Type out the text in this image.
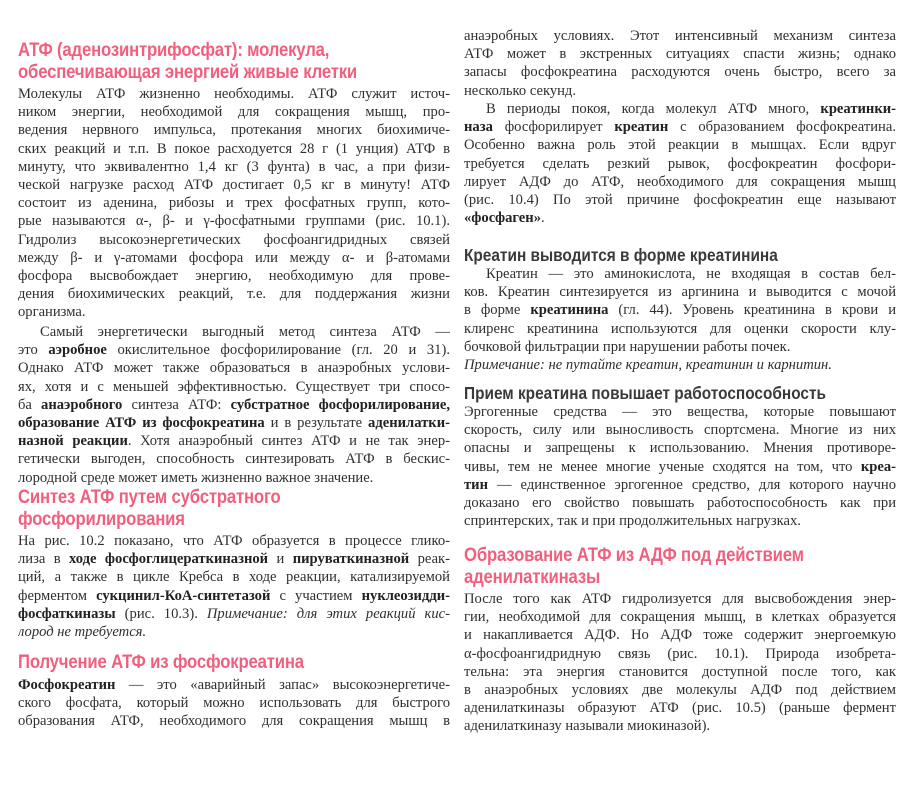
АТФ (аденозинтрифосфат): молекула,
обеспечивающая энергией живые клетки
Молекулы АТФ жизненно необходимы. АТФ служит источ-
ником энергии, необходимой для сокращения мышц, про-
ведения нервного импульса, протекания многих биохимиче-
ских реакций и т.п. В покое расходуется 28 г (1 унция) АТФ в
минуту, что эквивалентно 1,4 кг (3 фунта) в час, а при физи-
ческой нагрузке расход АТФ достигает 0,5 кг в минуту! АТФ
состоит из аденина, рибозы и трех фосфатных групп, кото-
рые называются α-, β- и γ-фосфатными группами (рис. 10.1).
Гидролиз высокоэнергетических фосфоангидридных связей
между β- и γ-атомами фосфора или между α- и β-атомами
фосфора высвобождает энергию, необходимую для прове-
дения биохимических реакций, т.е. для поддержания жизни
организма.
Самый энергетически выгодный метод синтеза АТФ —
это аэробное окислительное фосфорилирование (гл. 20 и 31).
Однако АТФ может также образоваться в анаэробных услови-
ях, хотя и с меньшей эффективностью. Существует три спосо-
ба анаэробного синтеза АТФ: субстратное фосфорилирование,
образование АТФ из фосфокреатина и в результате аденилатки-
назной реакции. Хотя анаэробный синтез АТФ и не так энер-
гетически выгоден, способность синтезировать АТФ в бескис-
лородной среде может иметь жизненно важное значение.
Синтез АТФ путем субстратного
фосфорилирования
На рис. 10.2 показано, что АТФ образуется в процессе глико-
лиза в ходе фосфоглицераткиназной и пируваткиназной реак-
ций, а также в цикле Кребса в ходе реакции, катализируемой
ферментом сукцинил-КоА-синтетазой с участием нуклеозидди-
фосфаткиназы (рис. 10.3). Примечание: для этих реакций кис-
лород не требуется.
Получение АТФ из фосфокреатина
Фосфокреатин — это «аварийный запас» высокоэнергетиче-
ского фосфата, который можно использовать для быстрого
образования АТФ, необходимого для сокращения мышц в
анаэробных условиях. Этот интенсивный механизм синтеза
АТФ может в экстренных ситуациях спасти жизнь; однако
запасы фосфокреатина расходуются очень быстро, всего за
несколько секунд.
В периоды покоя, когда молекул АТФ много, креатинки-
наза фосфорилирует креатин с образованием фосфокреатина.
Особенно важна роль этой реакции в мышцах. Если вдруг
требуется сделать резкий рывок, фосфокреатин фосфори-
лирует АДФ до АТФ, необходимого для сокращения мышц
(рис. 10.4) По этой причине фосфокреатин еще называют
«фосфаген».
Креатин выводится в форме креатинина
Креатин — это аминокислота, не входящая в состав бел-
ков. Креатин синтезируется из аргинина и выводится с мочой
в форме креатинина (гл. 44). Уровень креатинина в крови и
клиренс креатинина используются для оценки скорости клу-
бочковой фильтрации при нарушении работы почек.
Примечание: не путайте креатин, креатинин и карнитин.
Прием креатина повышает работоспособность
Эргогенные средства — это вещества, которые повышают
скорость, силу или выносливость спортсмена. Многие из них
опасны и запрещены к использованию. Мнения противоре-
чивы, тем не менее многие ученые сходятся на том, что креа-
тин — единственное эргогенное средство, для которого научно
доказано его свойство повышать работоспособность как при
спринтерских, так и при продолжительных нагрузках.
Образование АТФ из АДФ под действием
аденилаткиназы
После того как АТФ гидролизуется для высвобождения энер-
гии, необходимой для сокращения мышц, в клетках образуется
и накапливается АДФ. Но АДФ тоже содержит энергоемкую
α-фосфоангидридную связь (рис. 10.1). Природа изобрета-
тельна: эта энергия становится доступной после того, как
в анаэробных условиях две молекулы АДФ под действием
аденилаткиназы образуют АТФ (рис. 10.5) (раньше фермент
аденилаткиназу называли миокиназой).
